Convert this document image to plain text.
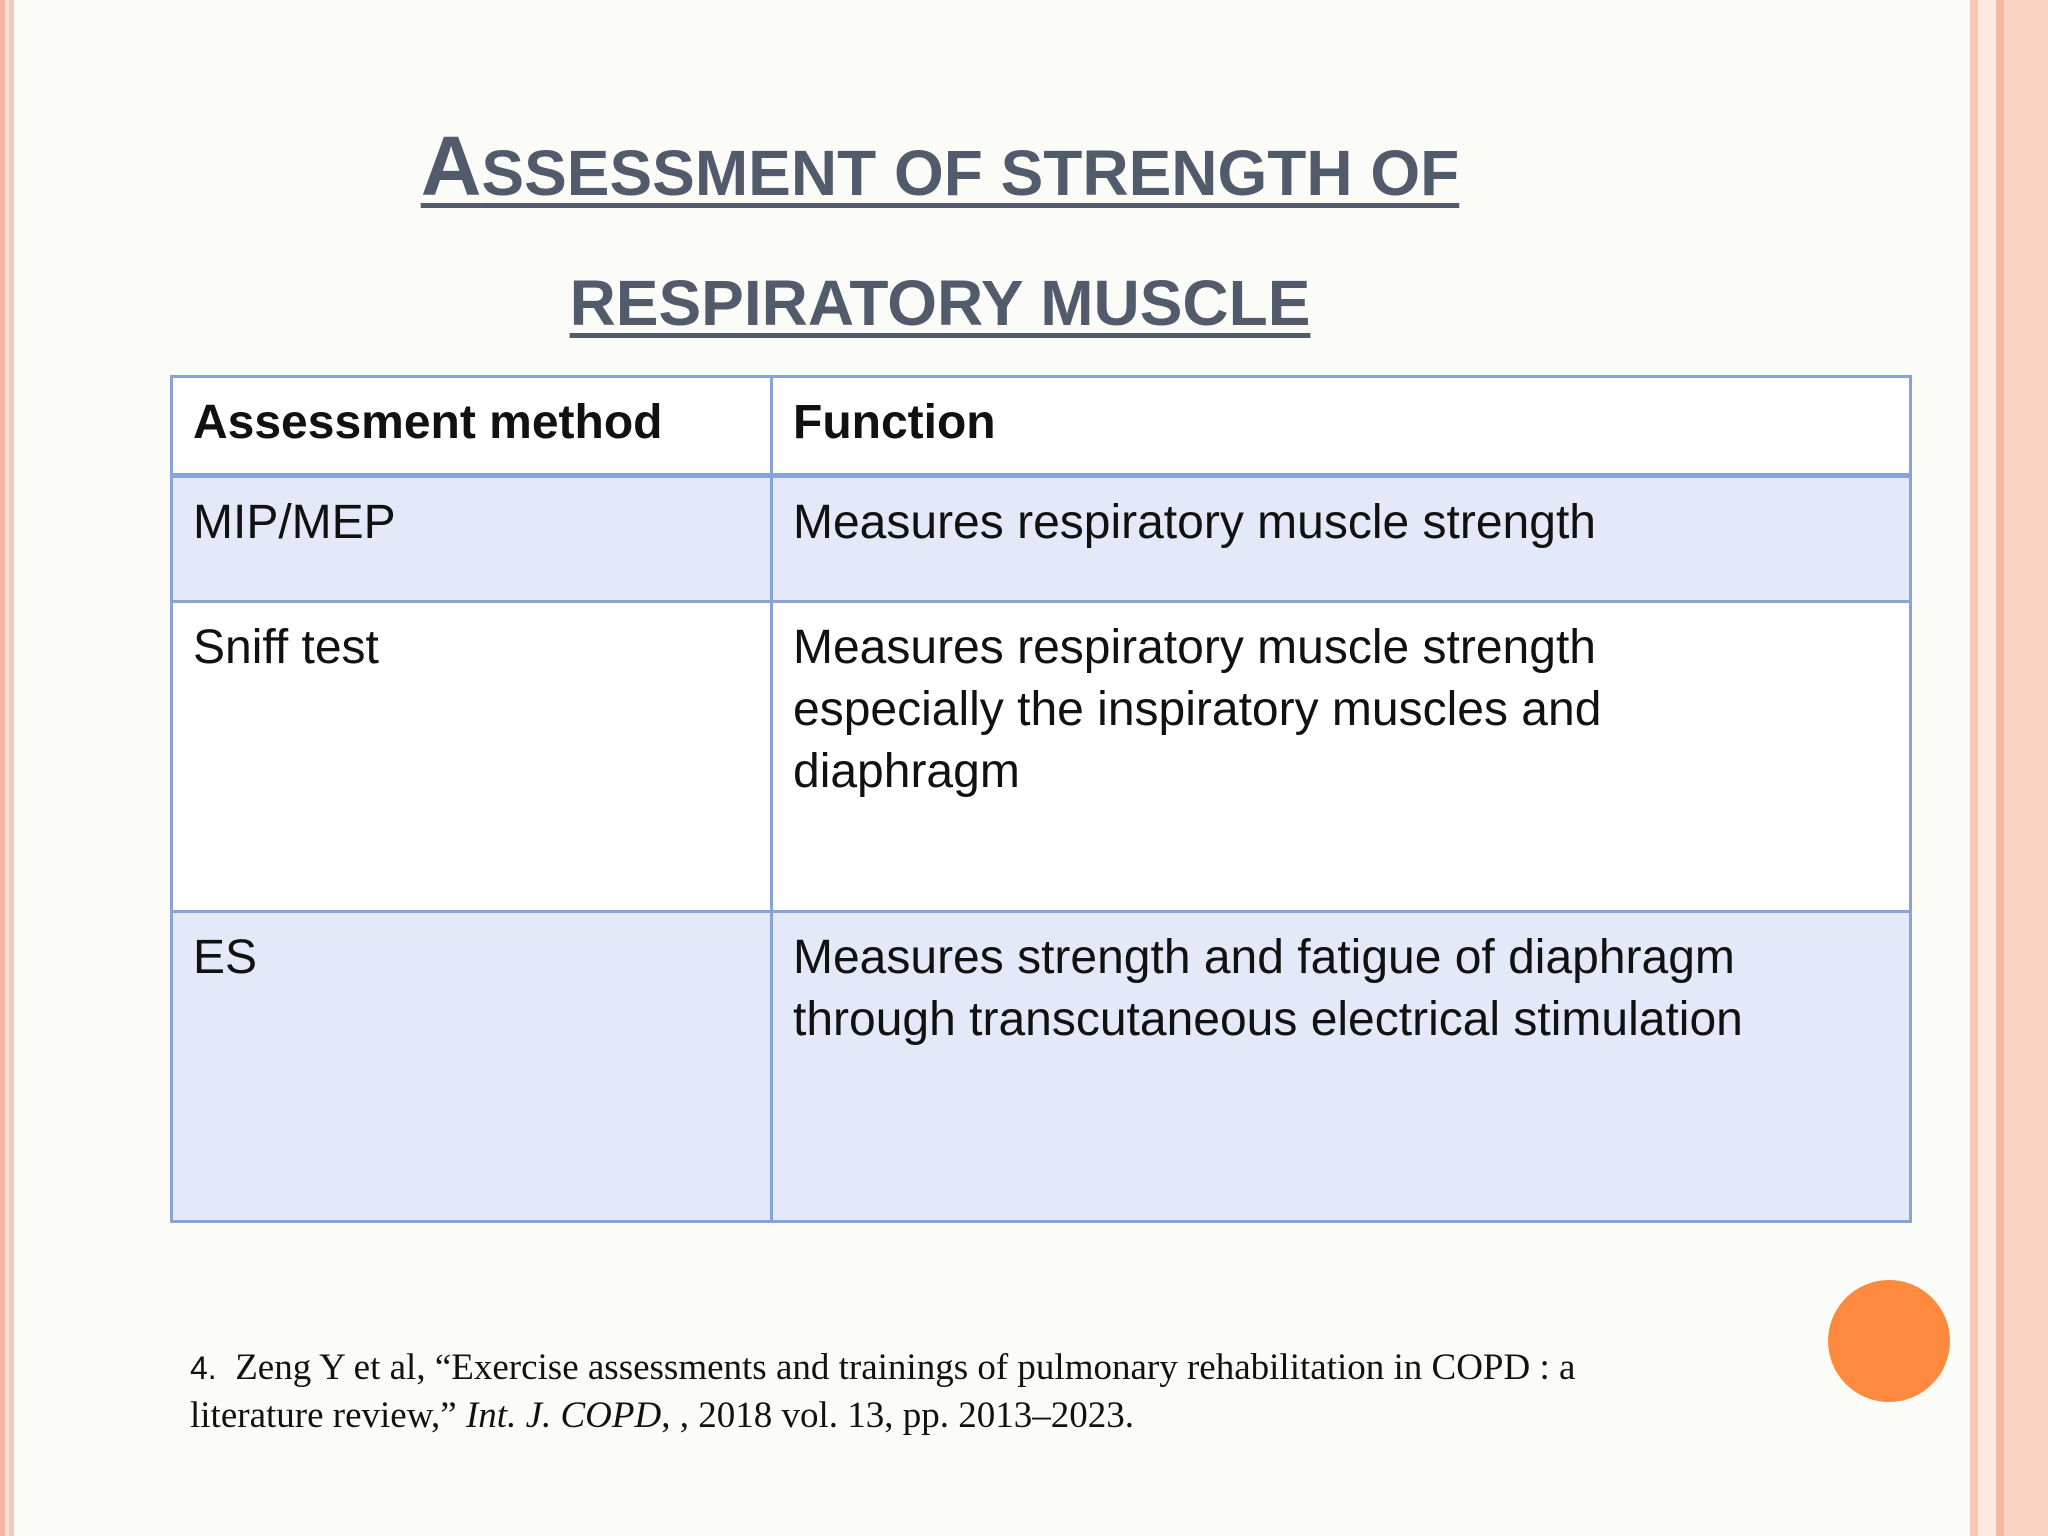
ASSESSMENT OF STRENGTH OF
RESPIRATORY MUSCLE
Assessment method	Function
MIP/MEP	Measures respiratory muscle strength
Sniff test	Measures respiratory muscle strength
especially the inspiratory muscles and
diaphragm

ES	Measures strength and fatigue of diaphragm
through transcutaneous electrical stimulation
4. Zeng Y et al, “Exercise assessments and trainings of pulmonary rehabilitation in COPD : a
literature review,” Int. J. COPD, , 2018 vol. 13, pp. 2013–2023.
